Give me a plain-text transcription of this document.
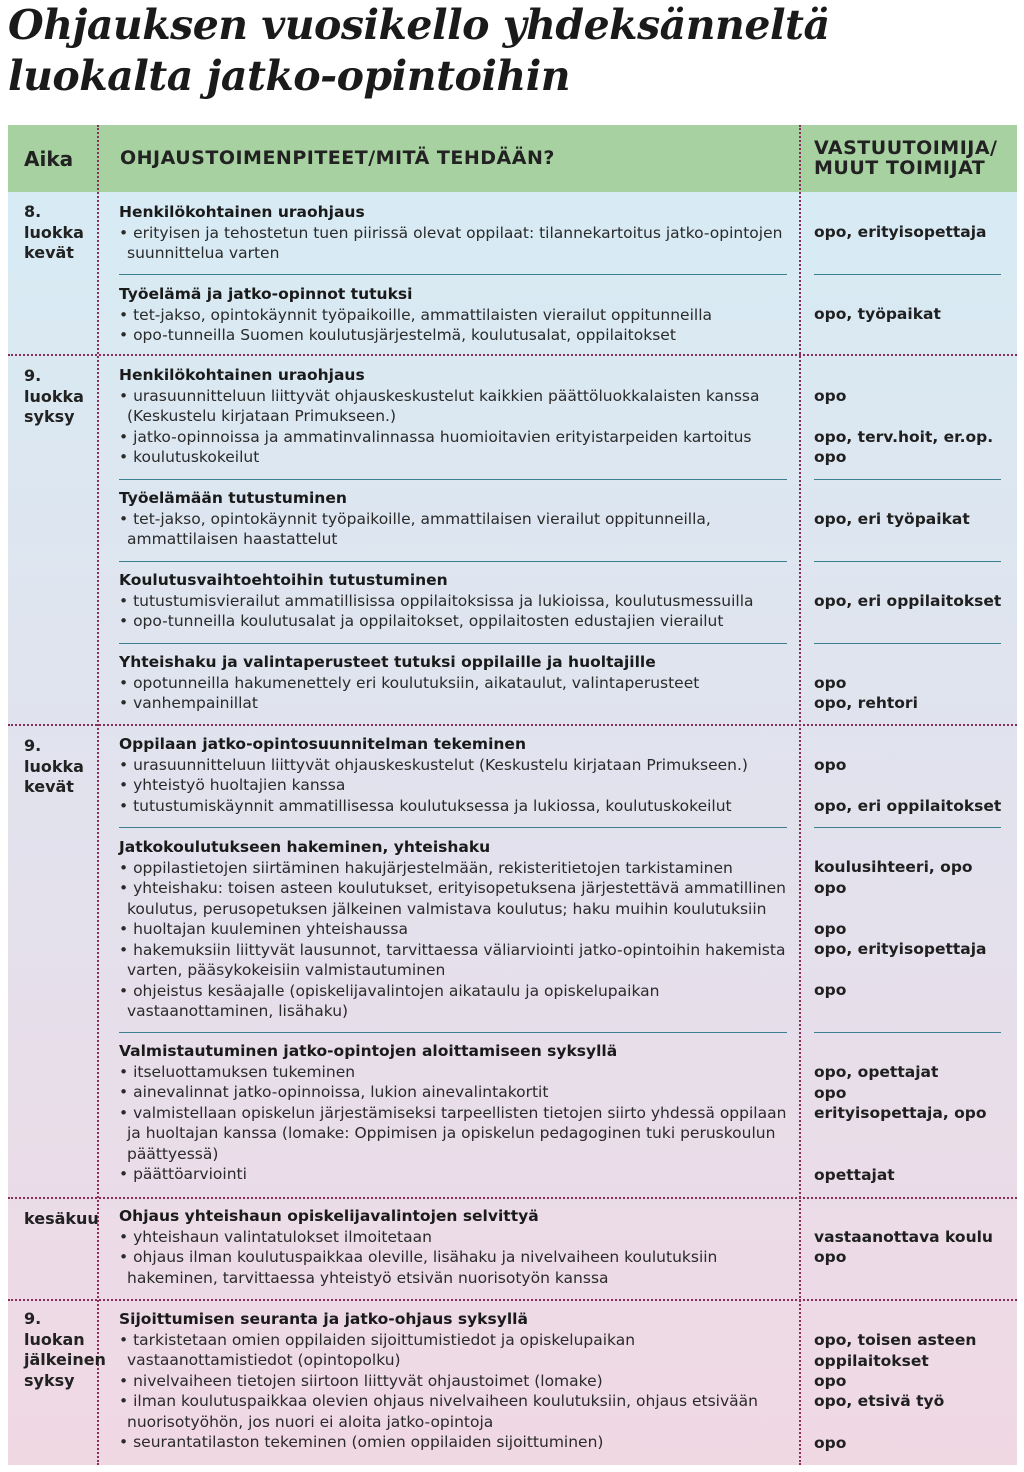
Ohjauksen vuosikello yhdeksänneltä
luokalta jatko-opintoihin
Aika OHJAUSTOIMENPITEET/MITÄ TEHDÄÄN?	VASTUUTOIMIJA/
MUUT TOIMIJAT
8. luokka kevät
Henkilökohtainen uraohjaus
• erityisen ja tehostetun tuen piirissä olevat oppilaat: tilannekartoitus jatko-opintojen suunnittelua varten
opo, erityisopettaja
Työelämä ja jatko-opinnot tutuksi
• tet-jakso, opintokäynnit työpaikoille, ammattilaisten vierailut oppitunneilla
• opo-tunneilla Suomen koulutusjärjestelmä, koulutusalat, oppilaitokset
opo, työpaikat
9. luokka syksy
Henkilökohtainen uraohjaus
• urasuunnitteluun liittyvät ohjauskeskustelut kaikkien päättöluokkalaisten kanssa (Keskustelu kirjataan Primukseen.)
• jatko-opinnoissa ja ammatinvalinnassa huomioitavien erityistarpeiden kartoitus
• koulutuskokeilut
opo
opo, terv.hoit, er.op.
opo
Työelämään tutustuminen
• tet-jakso, opintokäynnit työpaikoille, ammattilaisen vierailut oppitunneilla, ammattilaisen haastattelut
opo, eri työpaikat
Koulutusvaihtoehtoihin tutustuminen
• tutustumisvierailut ammatillisissa oppilaitoksissa ja lukioissa, koulutusmessuilla
• opo-tunneilla koulutusalat ja oppilaitokset, oppilaitosten edustajien vierailut
opo, eri oppilaitokset
Yhteishaku ja valintaperusteet tutuksi oppilaille ja huoltajille
• opotunneilla hakumenettely eri koulutuksiin, aikataulut, valintaperusteet
• vanhempainillat
opo
opo, rehtori
9. luokka kevät
Oppilaan jatko-opintosuunnitelman tekeminen
• urasuunnitteluun liittyvät ohjauskeskustelut (Keskustelu kirjataan Primukseen.)
• yhteistyö huoltajien kanssa
• tutustumiskäynnit ammatillisessa koulutuksessa ja lukiossa, koulutuskokeilut
opo
opo, eri oppilaitokset
Jatkokoulutukseen hakeminen, yhteishaku
• oppilastietojen siirtäminen hakujärjestelmään, rekisteritietojen tarkistaminen
• yhteishaku: toisen asteen koulutukset, erityisopetuksena järjestettävä ammatillinen koulutus, perusopetuksen jälkeinen valmistava koulutus; haku muihin koulutuksiin
• huoltajan kuuleminen yhteishaussa
• hakemuksiin liittyvät lausunnot, tarvittaessa väliarviointi jatko-opintoihin hakemista varten, pääsykokeisiin valmistautuminen
• ohjeistus kesäajalle (opiskelijavalintojen aikataulu ja opiskelupaikan vastaanottaminen, lisähaku)
koulusihteeri, opo
opo
opo
opo, erityisopettaja
opo
Valmistautuminen jatko-opintojen aloittamiseen syksyllä
• itseluottamuksen tukeminen
• ainevalinnat jatko-opinnoissa, lukion ainevalintakortit
• valmistellaan opiskelun järjestämiseksi tarpeellisten tietojen siirto yhdessä oppilaan ja huoltajan kanssa (lomake: Oppimisen ja opiskelun pedagoginen tuki peruskoulun päättyessä)
• päättöarviointi
opo, opettajat
opo
erityisopettaja, opo
opettajat
kesäkuu Ohjaus yhteishaun opiskelijavalintojen selvittyä
• yhteishaun valintatulokset ilmoitetaan
• ohjaus ilman koulutuspaikkaa oleville, lisähaku ja nivelvaiheen koulutuksiin hakeminen, tarvittaessa yhteistyö etsivän nuorisotyön kanssa
vastaanottava koulu
opo
9. luokan jälkeinen syksy
Sijoittumisen seuranta ja jatko-ohjaus syksyllä
• tarkistetaan omien oppilaiden sijoittumistiedot ja opiskelupaikan vastaanottamistiedot (opintopolku)
• nivelvaiheen tietojen siirtoon liittyvät ohjaustoimet (lomake)
• ilman koulutuspaikkaa olevien ohjaus nivelvaiheen koulutuksiin, ohjaus etsivään nuorisotyöhön, jos nuori ei aloita jatko-opintoja
• seurantatilaston tekeminen (omien oppilaiden sijoittuminen)
opo, toisen asteen oppilaitokset
opo
opo, etsivä työ
opo
